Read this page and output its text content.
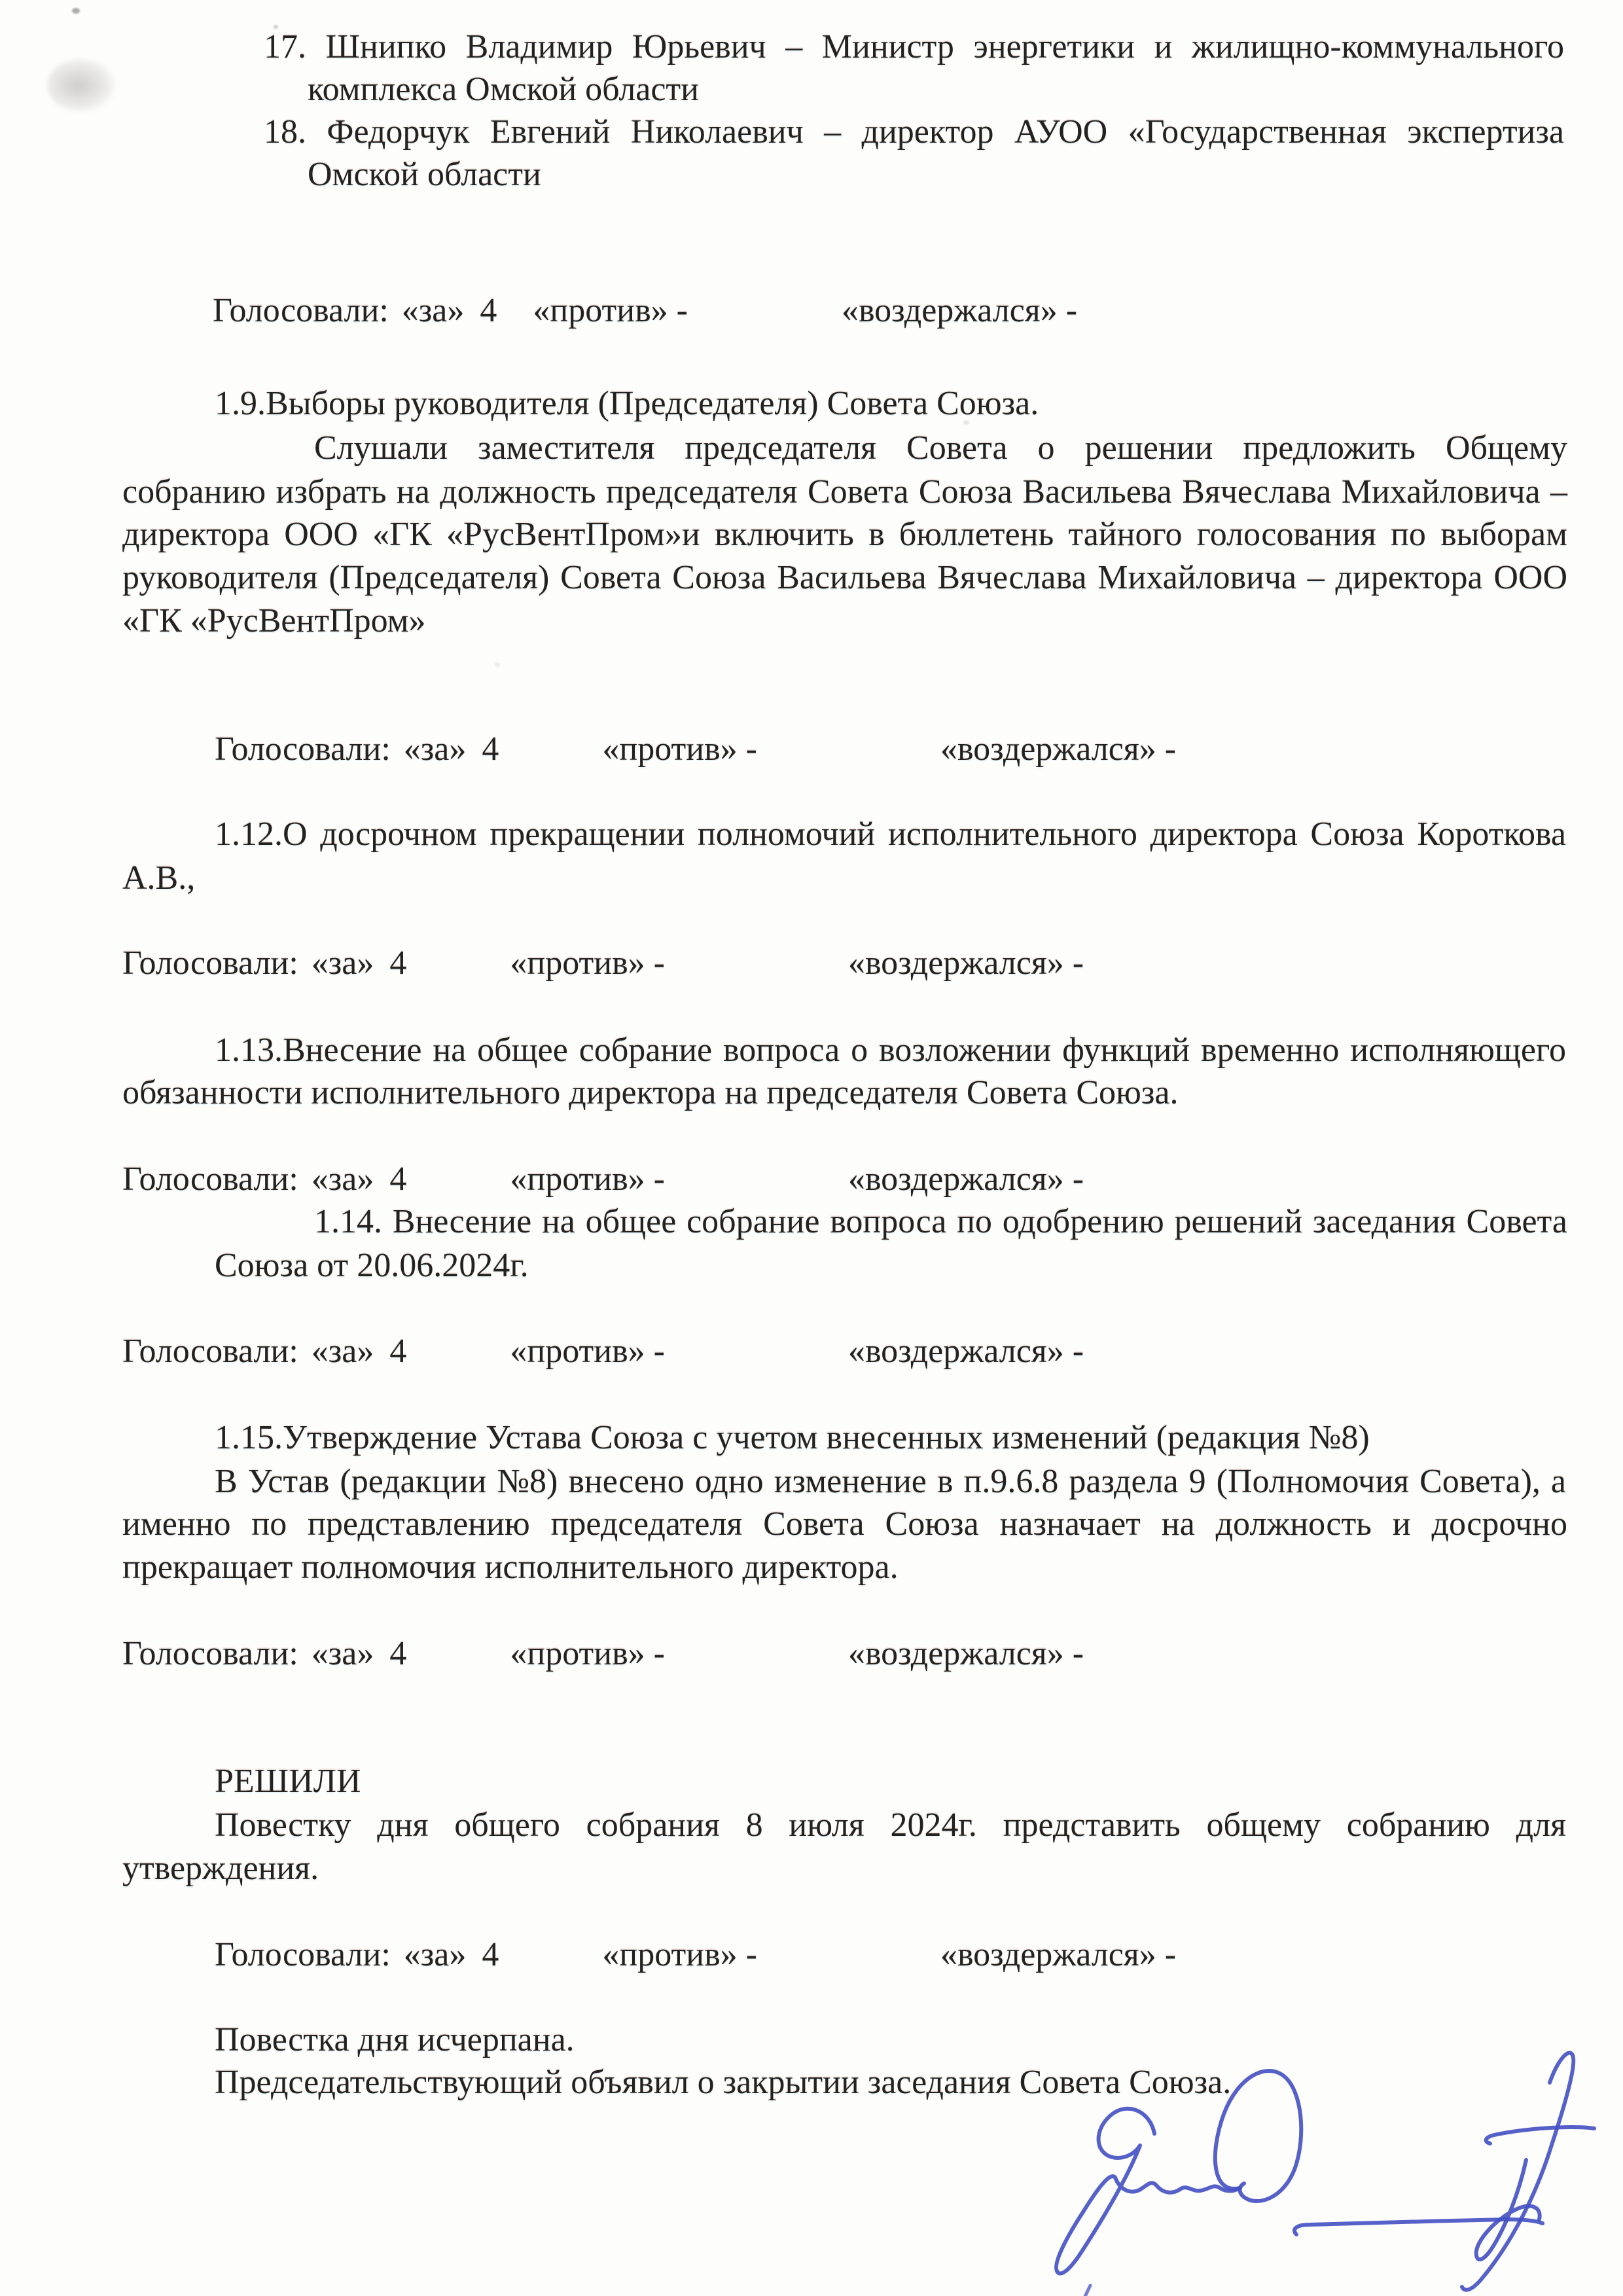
17. Шнипко Владимир Юрьевич – Министр энергетики и жилищно-коммунального
комплекса Омской области
18. Федорчук Евгений Николаевич – директор АУОО «Государственная экспертиза
Омской области
Голосовали: «за» 4 «против» -	«воздержался» -
1.9.Выборы руководителя (Председателя) Совета Союза.
Слушали заместителя председателя Совета о решении предложить Общему
собранию избрать на должность председателя Совета Союза Васильева Вячеслава Михайловича –
директора ООО «ГК «РусВентПром»и включить в бюллетень тайного голосования по выборам
руководителя (Председателя) Совета Союза Васильева Вячеслава Михайловича – директора ООО
«ГК «РусВентПром»
Голосовали: «за» 4	«против» -	«воздержался» -
1.12.О досрочном прекращении полномочий исполнительного директора Союза Короткова
А.В.,
Голосовали: «за» 4	«против» -	«воздержался» -
1.13.Внесение на общее собрание вопроса о возложении функций временно исполняющего
обязанности исполнительного директора на председателя Совета Союза.
Голосовали: «за» 4	«против» -	«воздержался» -
1.14. Внесение на общее собрание вопроса по одобрению решений заседания Совета
Союза от 20.06.2024г.
Голосовали: «за» 4	«против» -	«воздержался» -
1.15.Утверждение Устава Союза с учетом внесенных изменений (редакция №8)
В Устав (редакции №8) внесено одно изменение в п.9.6.8 раздела 9 (Полномочия Совета), а
именно по представлению председателя Совета Союза назначает на должность и досрочно
прекращает полномочия исполнительного директора.
Голосовали: «за» 4	«против» -	«воздержался» -
РЕШИЛИ
Повестку дня общего собрания 8 июля 2024г. представить общему собранию для
утверждения.
Голосовали: «за» 4	«против» -	«воздержался» -
Повестка дня исчерпана.
Председательствующий объявил о закрытии заседания Совета Союза.
